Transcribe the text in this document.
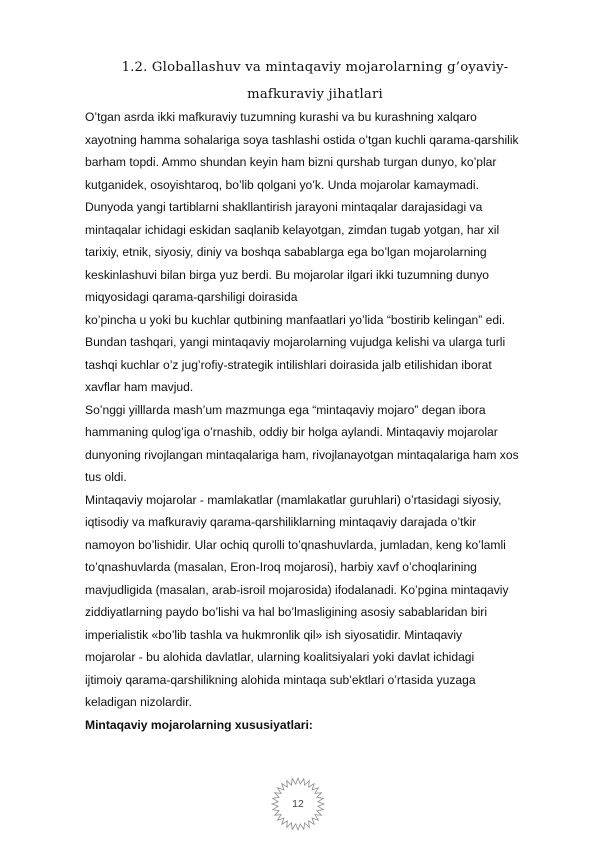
1.2. Globallashuv va mintaqaviy mojarolarning g’oyaviy-
mafkuraviy jihatlari
O’tgan asrda ikki mafkuraviy tuzumning kurashi va bu kurashning xalqaro
xayotning hamma sohalariga soya tashlashi ostida o’tgan kuchli qarama-qarshilik
barham topdi. Ammo shundan keyin ham bizni qurshab turgan dunyo, ko’plar
kutganidek, osoyishtaroq, bo’lib qolgani yo’k. Unda mojarolar kamaymadi.
Dunyoda yangi tartiblarni shakllantirish jarayoni mintaqalar darajasidagi va
mintaqalar ichidagi eskidan saqlanib kelayotgan, zimdan tugab yotgan, har xil
tarixiy, etnik, siyosiy, diniy va boshqa sabablarga ega bo’lgan mojarolarning
keskinlashuvi bilan birga yuz berdi. Bu mojarolar ilgari ikki tuzumning dunyo
miqyosidagi qarama-qarshiligi doirasida
ko’pincha u yoki bu kuchlar qutbining manfaatlari yo’lida “bostirib kelingan” edi.
Bundan tashqari, yangi mintaqaviy mojarolarning vujudga kelishi va ularga turli
tashqi kuchlar o’z jug’rofiy-strategik intilishlari doirasida jalb etilishidan iborat
xavflar ham mavjud.
So’nggi yilllarda mash’um mazmunga ega “mintaqaviy mojaro” degan ibora
hammaning qulog’iga o’rnashib, oddiy bir holga aylandi. Mintaqaviy mojarolar
dunyoning rivojlangan mintaqalariga ham, rivojlanayotgan mintaqalariga ham xos
tus oldi.
Mintaqaviy mojarolar - mamlakatlar (mamlakatlar guruhlari) o’rtasidagi siyosiy,
iqtisodiy va mafkuraviy qarama-qarshiliklarning mintaqaviy darajada o’tkir
namoyon bo’lishidir. Ular ochiq qurolli to’qnashuvlarda, jumladan, keng ko’lamli
to’qnashuvlarda (masalan, Eron-Iroq mojarosi), harbiy xavf o’choqlarining
mavjudligida (masalan, arab-isroil mojarosida) ifodalanadi. Ko’pgina mintaqaviy
ziddiyatlarning paydo bo’lishi va hal bo’lmasligining asosiy sabablaridan biri
imperialistik «bo’lib tashla va hukmronlik qil» ish siyosatidir. Mintaqaviy
mojarolar - bu alohida davlatlar, ularning koalitsiyalari yoki davlat ichidagi
ijtimoiy qarama-qarshilikning alohida mintaqa sub’ektlari o’rtasida yuzaga
keladigan nizolardir.
Mintaqaviy mojarolarning xususiyatlari:
12
